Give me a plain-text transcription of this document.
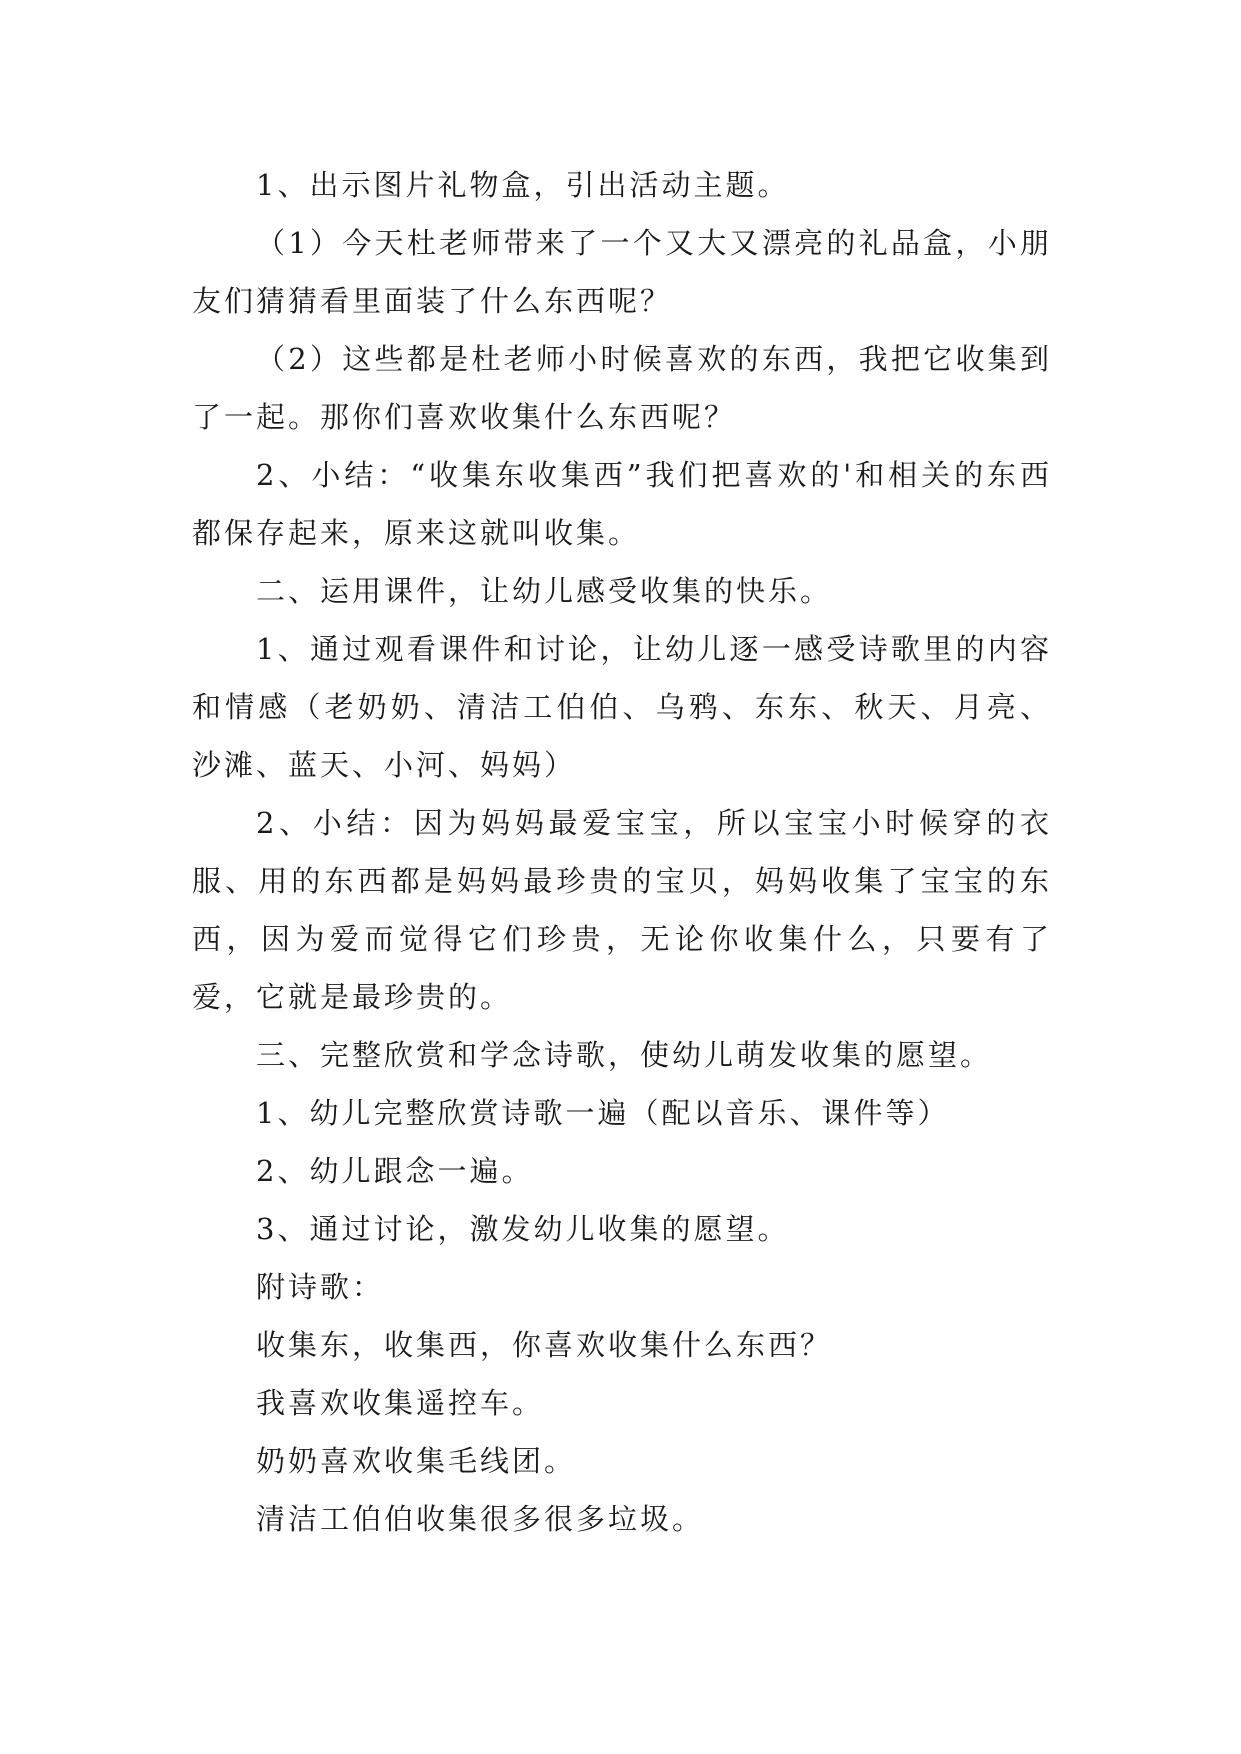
1、出示图片礼物盒，引出活动主题。

（1）今天杜老师带来了一个又大又漂亮的礼品盒，小朋友们猜猜看里面装了什么东西呢？

（2）这些都是杜老师小时候喜欢的东西，我把它收集到了一起。那你们喜欢收集什么东西呢？

2、小结：“收集东收集西”我们把喜欢的'和相关的东西都保存起来，原来这就叫收集。

二、运用课件，让幼儿感受收集的快乐。

1、通过观看课件和讨论，让幼儿逐一感受诗歌里的内容和情感（老奶奶、清洁工伯伯、乌鸦、东东、秋天、月亮、沙滩、蓝天、小河、妈妈）

2、小结：因为妈妈最爱宝宝，所以宝宝小时候穿的衣服、用的东西都是妈妈最珍贵的宝贝，妈妈收集了宝宝的东西，因为爱而觉得它们珍贵，无论你收集什么，只要有了爱，它就是最珍贵的。

三、完整欣赏和学念诗歌，使幼儿萌发收集的愿望。

1、幼儿完整欣赏诗歌一遍（配以音乐、课件等）

2、幼儿跟念一遍。

3、通过讨论，激发幼儿收集的愿望。

附诗歌：

收集东，收集西，你喜欢收集什么东西？

我喜欢收集遥控车。

奶奶喜欢收集毛线团。

清洁工伯伯收集很多很多垃圾。
